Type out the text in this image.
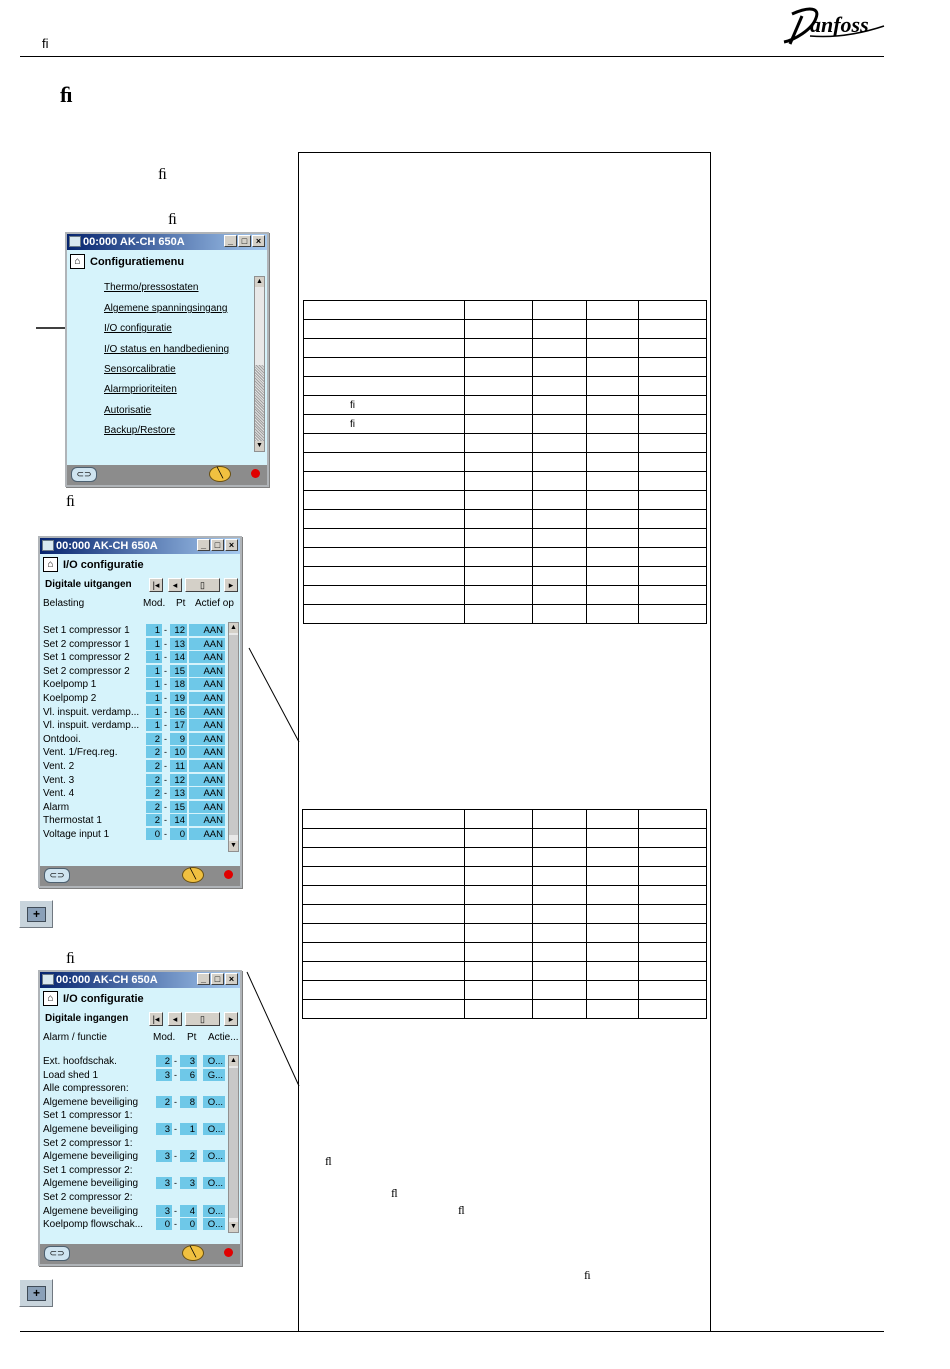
ﬁ
anfoss
ﬁ
ﬁ
ﬁ
ﬁ
ﬁ
00:000 AK-CH 650A	_ □ ×
⌂ Configuratiemenu
Thermo/pressostaten
Algemene spanningsingang
I/O configuratie
I/O status en handbediening
Sensorcalibratie
Alarmprioriteiten
Autorisatie
Backup/Restore
▲
▼
⊂⊃	╲
00:000 AK-CH 650A	_ □ ×
⌂ I/O configuratie
Digitale uitgangen	|◂	◂	▯	▸
Belasting	Mod. Pt Actief op
Set 1 compressor 1	1 - 12	AAN
Set 2 compressor 1	1 - 13	AAN
Set 1 compressor 2	1 - 14	AAN
Set 2 compressor 2	1 - 15	AAN
Koelpomp 1	1 - 18	AAN
Koelpomp 2	1 - 19	AAN
Vl. inspuit. verdamp...	1 - 16	AAN
Vl. inspuit. verdamp...	1 - 17	AAN
Ontdooi.	2 -	9	AAN
Vent. 1/Freq.reg.	2 - 10	AAN
Vent. 2	2 - 11	AAN
Vent. 3	2 - 12	AAN
Vent. 4	2 - 13	AAN
Alarm	2 - 15	AAN
Thermostat 1	2 - 14	AAN
Voltage input 1	0 -	0	AAN
▲
▼
⊂⊃	╲
+
00:000 AK-CH 650A	_ □ ×
⌂ I/O configuratie
Digitale ingangen	|◂	◂	▯	▸
Alarm / functie	Mod. Pt Actie...
Ext. hoofdschak.	2 -	3	O...
Load shed 1	3 -	6	G...
Alle compressoren:
Algemene beveiliging	2 -	8	O...
Set 1 compressor 1:
Algemene beveiliging	3 -	1	O...
Set 2 compressor 1:
Algemene beveiliging	3 -	2	O...
Set 1 compressor 2:
Algemene beveiliging	3 -	3	O...
Set 2 compressor 2:
Algemene beveiliging	3 -	4	O...
Koelpomp flowschak...	0 -	0	O...
▲
▼
⊂⊃	╲
+

ﬁ				
ﬁ				

ﬂ
ﬂ
ﬂ
ﬁ
